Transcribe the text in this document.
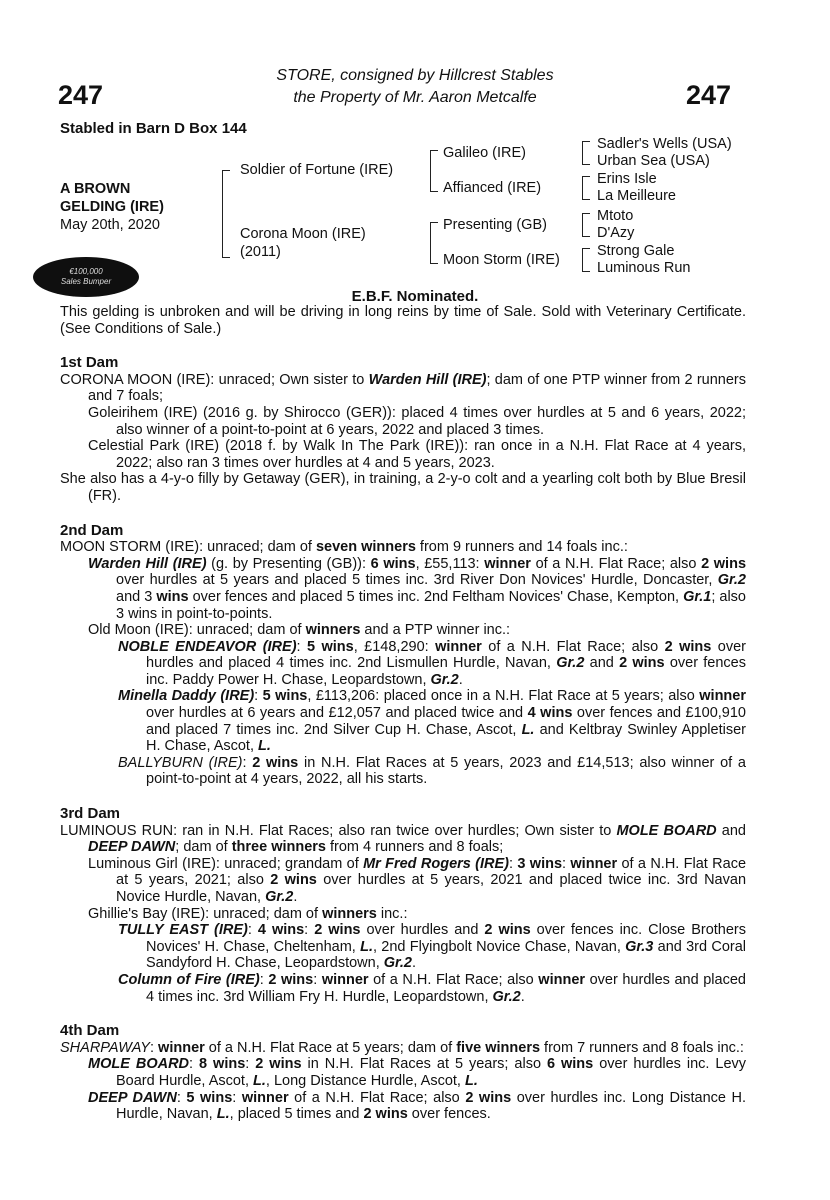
247	247
STORE, consigned by Hillcrest Stables
the Property of Mr. Aaron Metcalfe
Stabled in Barn D Box 144
A BROWN
GELDING (IRE)
May 20th, 2020
Soldier of Fortune (IRE)
Corona Moon (IRE)
(2011)
Galileo (IRE)
Affianced (IRE)
Presenting (GB)
Moon Storm (IRE)
Sadler's Wells (USA)
Urban Sea (USA)
Erins Isle
La Meilleure
Mtoto
D'Azy
Strong Gale
Luminous Run
€100,000
Sales Bumper
E.B.F. Nominated.

This gelding is unbroken and will be driving in long reins by time of Sale. Sold with Veterinary Certificate. (See Conditions of Sale.)

1st Dam

CORONA MOON (IRE): unraced; Own sister to Warden Hill (IRE); dam of one PTP winner from 2 runners and 7 foals;

Goleirihem (IRE) (2016 g. by Shirocco (GER)): placed 4 times over hurdles at 5 and 6 years, 2022; also winner of a point-to-point at 6 years, 2022 and placed 3 times.

Celestial Park (IRE) (2018 f. by Walk In The Park (IRE)): ran once in a N.H. Flat Race at 4 years, 2022; also ran 3 times over hurdles at 4 and 5 years, 2023.

She also has a 4-y-o filly by Getaway (GER), in training, a 2-y-o colt and a yearling colt both by Blue Bresil (FR).

2nd Dam

MOON STORM (IRE): unraced; dam of seven winners from 9 runners and 14 foals inc.:

Warden Hill (IRE) (g. by Presenting (GB)): 6 wins, £55,113: winner of a N.H. Flat Race; also 2 wins over hurdles at 5 years and placed 5 times inc. 3rd River Don Novices' Hurdle, Doncaster, Gr.2 and 3 wins over fences and placed 5 times inc. 2nd Feltham Novices' Chase, Kempton, Gr.1; also 3 wins in point-to-points.

Old Moon (IRE): unraced; dam of winners and a PTP winner inc.:

NOBLE ENDEAVOR (IRE): 5 wins, £148,290: winner of a N.H. Flat Race; also 2 wins over hurdles and placed 4 times inc. 2nd Lismullen Hurdle, Navan, Gr.2 and 2 wins over fences inc. Paddy Power H. Chase, Leopardstown, Gr.2.

Minella Daddy (IRE): 5 wins, £113,206: placed once in a N.H. Flat Race at 5 years; also winner over hurdles at 6 years and £12,057 and placed twice and 4 wins over fences and £100,910 and placed 7 times inc. 2nd Silver Cup H. Chase, Ascot, L. and Keltbray Swinley Appletiser H. Chase, Ascot, L.

BALLYBURN (IRE): 2 wins in N.H. Flat Races at 5 years, 2023 and £14,513; also winner of a point-to-point at 4 years, 2022, all his starts.

3rd Dam

LUMINOUS RUN: ran in N.H. Flat Races; also ran twice over hurdles; Own sister to MOLE BOARD and DEEP DAWN; dam of three winners from 4 runners and 8 foals;

Luminous Girl (IRE): unraced; grandam of Mr Fred Rogers (IRE): 3 wins: winner of a N.H. Flat Race at 5 years, 2021; also 2 wins over hurdles at 5 years, 2021 and placed twice inc. 3rd Navan Novice Hurdle, Navan, Gr.2.

Ghillie's Bay (IRE): unraced; dam of winners inc.:

TULLY EAST (IRE): 4 wins: 2 wins over hurdles and 2 wins over fences inc. Close Brothers Novices' H. Chase, Cheltenham, L., 2nd Flyingbolt Novice Chase, Navan, Gr.3 and 3rd Coral Sandyford H. Chase, Leopardstown, Gr.2.

Column of Fire (IRE): 2 wins: winner of a N.H. Flat Race; also winner over hurdles and placed 4 times inc. 3rd William Fry H. Hurdle, Leopardstown, Gr.2.

4th Dam

SHARPAWAY: winner of a N.H. Flat Race at 5 years; dam of five winners from 7 runners and 8 foals inc.:

MOLE BOARD: 8 wins: 2 wins in N.H. Flat Races at 5 years; also 6 wins over hurdles inc. Levy Board Hurdle, Ascot, L., Long Distance Hurdle, Ascot, L.

DEEP DAWN: 5 wins: winner of a N.H. Flat Race; also 2 wins over hurdles inc. Long Distance H. Hurdle, Navan, L., placed 5 times and 2 wins over fences.
